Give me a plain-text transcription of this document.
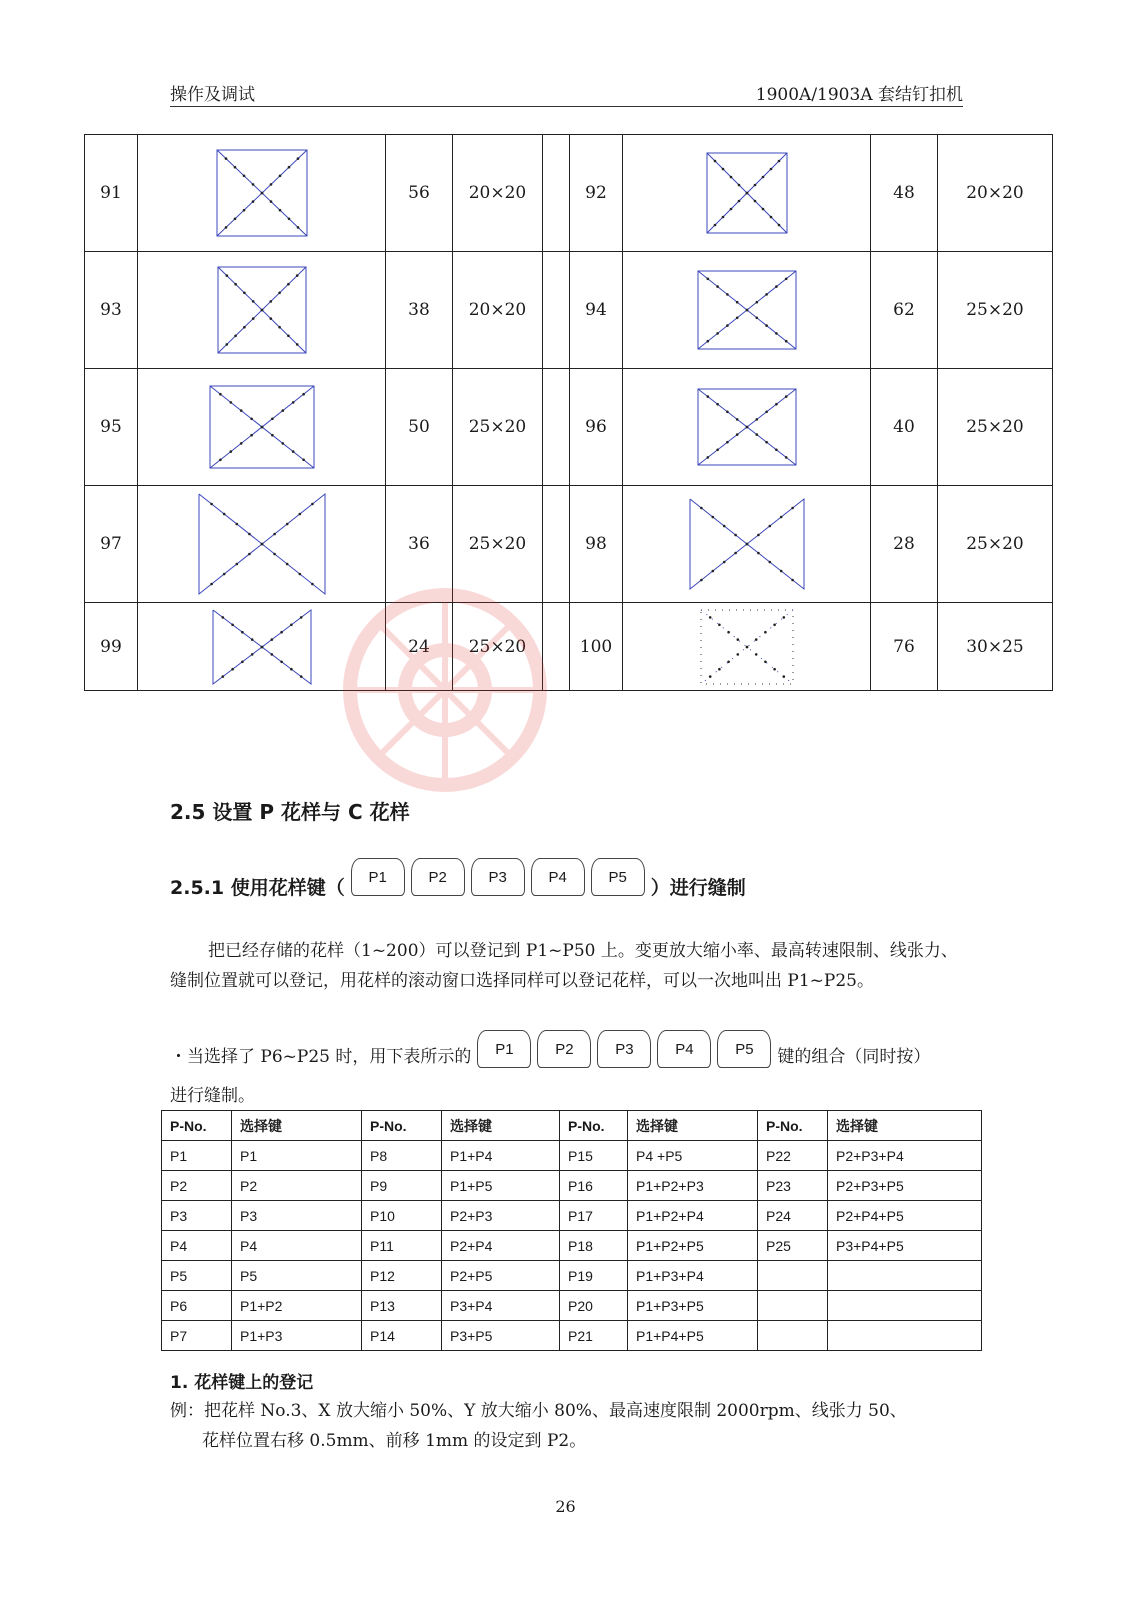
操作及调试	1900A/1903A 套结钉扣机
91		56	20×20		92		48	20×20
93		38	20×20		94		62	25×20
95		50	25×20		96		40	25×20
97		36	25×20		98		28	25×20
99		24	25×20		100		76	30×25
2.5 设置 P 花样与 C 花样
2.5.1 使用花样键（	P1	P2	P3	P4	P5	）进行缝制
把已经存储的花样（1~200）可以登记到 P1~P50 上。变更放大缩小率、最高转速限制、线张力、缝制位置就可以登记，用花样的滚动窗口选择同样可以登记花样，可以一次地叫出 P1~P25。
・当选择了 P6~P25 时，用下表所示的	P1	P2	P3	P4	P5	键的组合（同时按）
进行缝制。
P-No.	选择键	P-No.	选择键	P-No.	选择键	P-No.	选择键
P1	P1	P8	P1+P4	P15	P4 +P5	P22	P2+P3+P4
P2	P2	P9	P1+P5	P16	P1+P2+P3	P23	P2+P3+P5
P3	P3	P10	P2+P3	P17	P1+P2+P4	P24	P2+P4+P5
P4	P4	P11	P2+P4	P18	P1+P2+P5	P25	P3+P4+P5
P5	P5	P12	P2+P5	P19	P1+P3+P4		
P6	P1+P2	P13	P3+P4	P20	P1+P3+P5		
P7	P1+P3	P14	P3+P5	P21	P1+P4+P5		
1. 花样键上的登记
例：把花样 No.3、X 放大缩小 50%、Y 放大缩小 80%、最高速度限制 2000rpm、线张力 50、
花样位置右移 0.5mm、前移 1mm 的设定到 P2。
26
